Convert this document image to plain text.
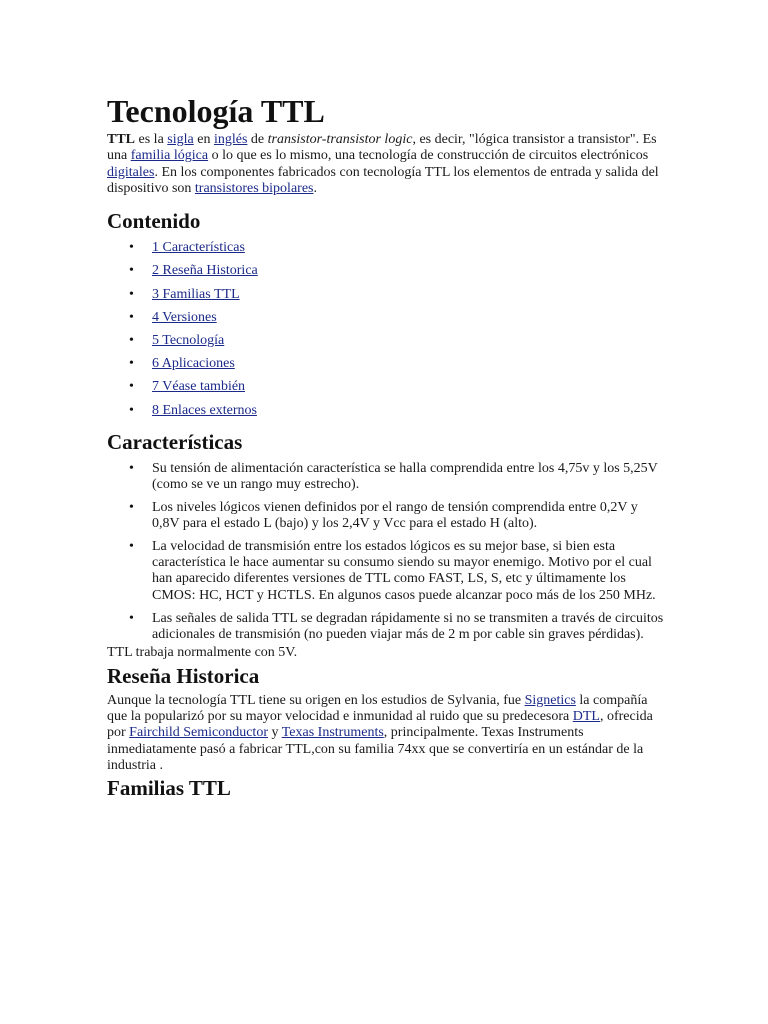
Tecnología TTL

TTL es la sigla en inglés de transistor-transistor logic, es decir, "lógica transistor a transistor". Es una familia lógica o lo que es lo mismo, una tecnología de construcción de circuitos electrónicos digitales. En los componentes fabricados con tecnología TTL los elementos de entrada y salida del dispositivo son transistores bipolares.

Contenido
• 1 Características
• 2 Reseña Historica
• 3 Familias TTL
• 4 Versiones
• 5 Tecnología
• 6 Aplicaciones
• 7 Véase también
• 8 Enlaces externos
Características
• Su tensión de alimentación característica se halla comprendida entre los 4,75v y los 5,25V (como se ve un rango muy estrecho).
• Los niveles lógicos vienen definidos por el rango de tensión comprendida entre 0,2V y 0,8V para el estado L (bajo) y los 2,4V y Vcc para el estado H (alto).
• La velocidad de transmisión entre los estados lógicos es su mejor base, si bien esta característica le hace aumentar su consumo siendo su mayor enemigo. Motivo por el cual han aparecido diferentes versiones de TTL como FAST, LS, S, etc y últimamente los CMOS: HC, HCT y HCTLS. En algunos casos puede alcanzar poco más de los 250 MHz.
• Las señales de salida TTL se degradan rápidamente si no se transmiten a través de circuitos adicionales de transmisión (no pueden viajar más de 2 m por cable sin graves pérdidas).

TTL trabaja normalmente con 5V.

Reseña Historica

Aunque la tecnología TTL tiene su origen en los estudios de Sylvania, fue Signetics la compañía que la popularizó por su mayor velocidad e inmunidad al ruido que su predecesora DTL, ofrecida por Fairchild Semiconductor y Texas Instruments, principalmente. Texas Instruments inmediatamente pasó a fabricar TTL,con su familia 74xx que se convertiría en un estándar de la industria .

Familias TTL
